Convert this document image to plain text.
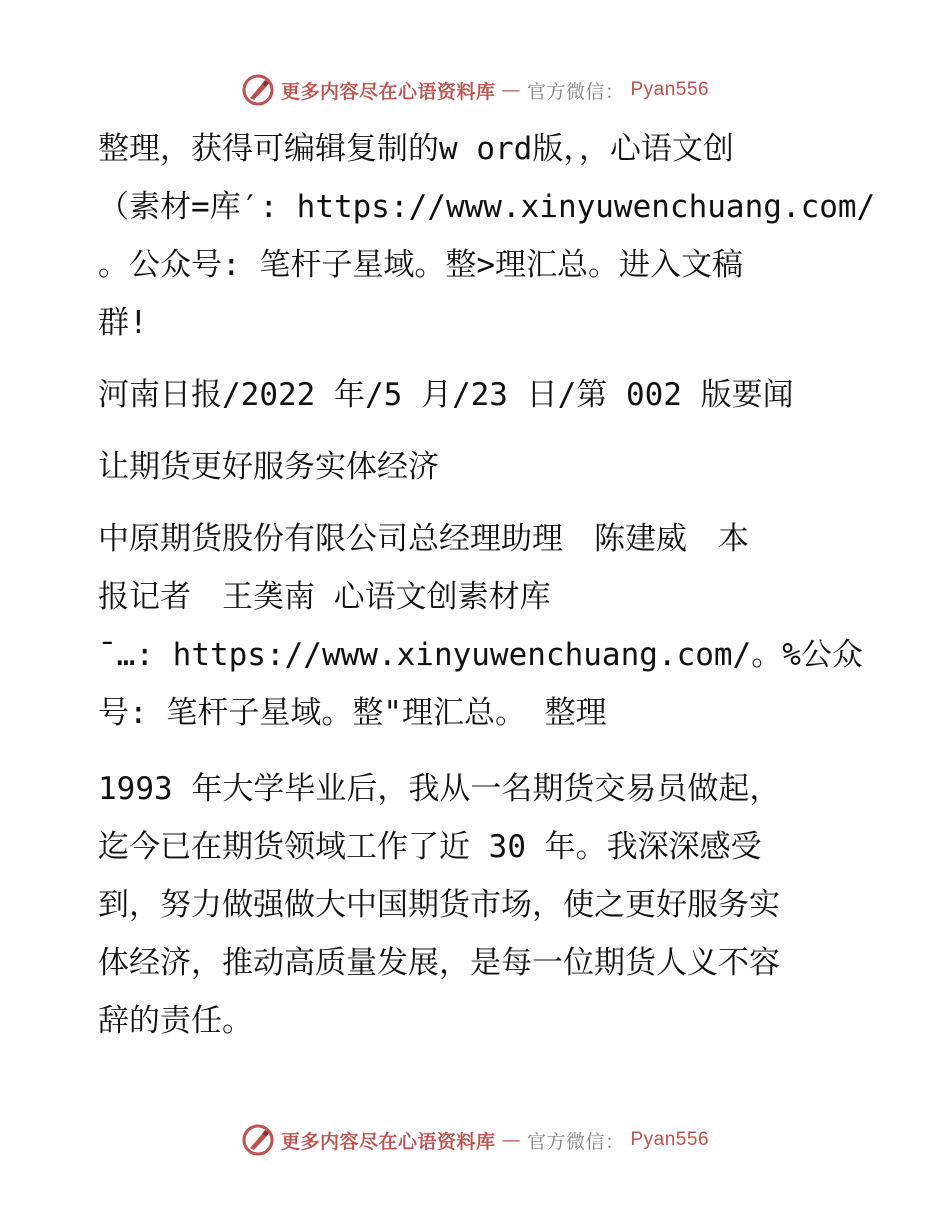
更多内容尽在心语资料库 — 官方微信： Pyan556

整理，获得可编辑复制的w ord版，，心语文创
（素材=库′: https://www.xinyuwenchuang.com/
。公众号: 笔杆子星域。整>理汇总。进入文稿
群!

河南日报/2022 年/5 月/23 日/第 002 版要闻

让期货更好服务实体经济

中原期货股份有限公司总经理助理　陈建威　本
报记者　王䶮南 心语文创素材库
¯…: https://www.xinyuwenchuang.com/。%公众
号: 笔杆子星域。整"理汇总。 整理

1993 年大学毕业后，我从一名期货交易员做起，
迄今已在期货领域工作了近 30 年。我深深感受
到，努力做强做大中国期货市场，使之更好服务实
体经济，推动高质量发展，是每一位期货人义不容
辞的责任。

更多内容尽在心语资料库 — 官方微信： Pyan556
